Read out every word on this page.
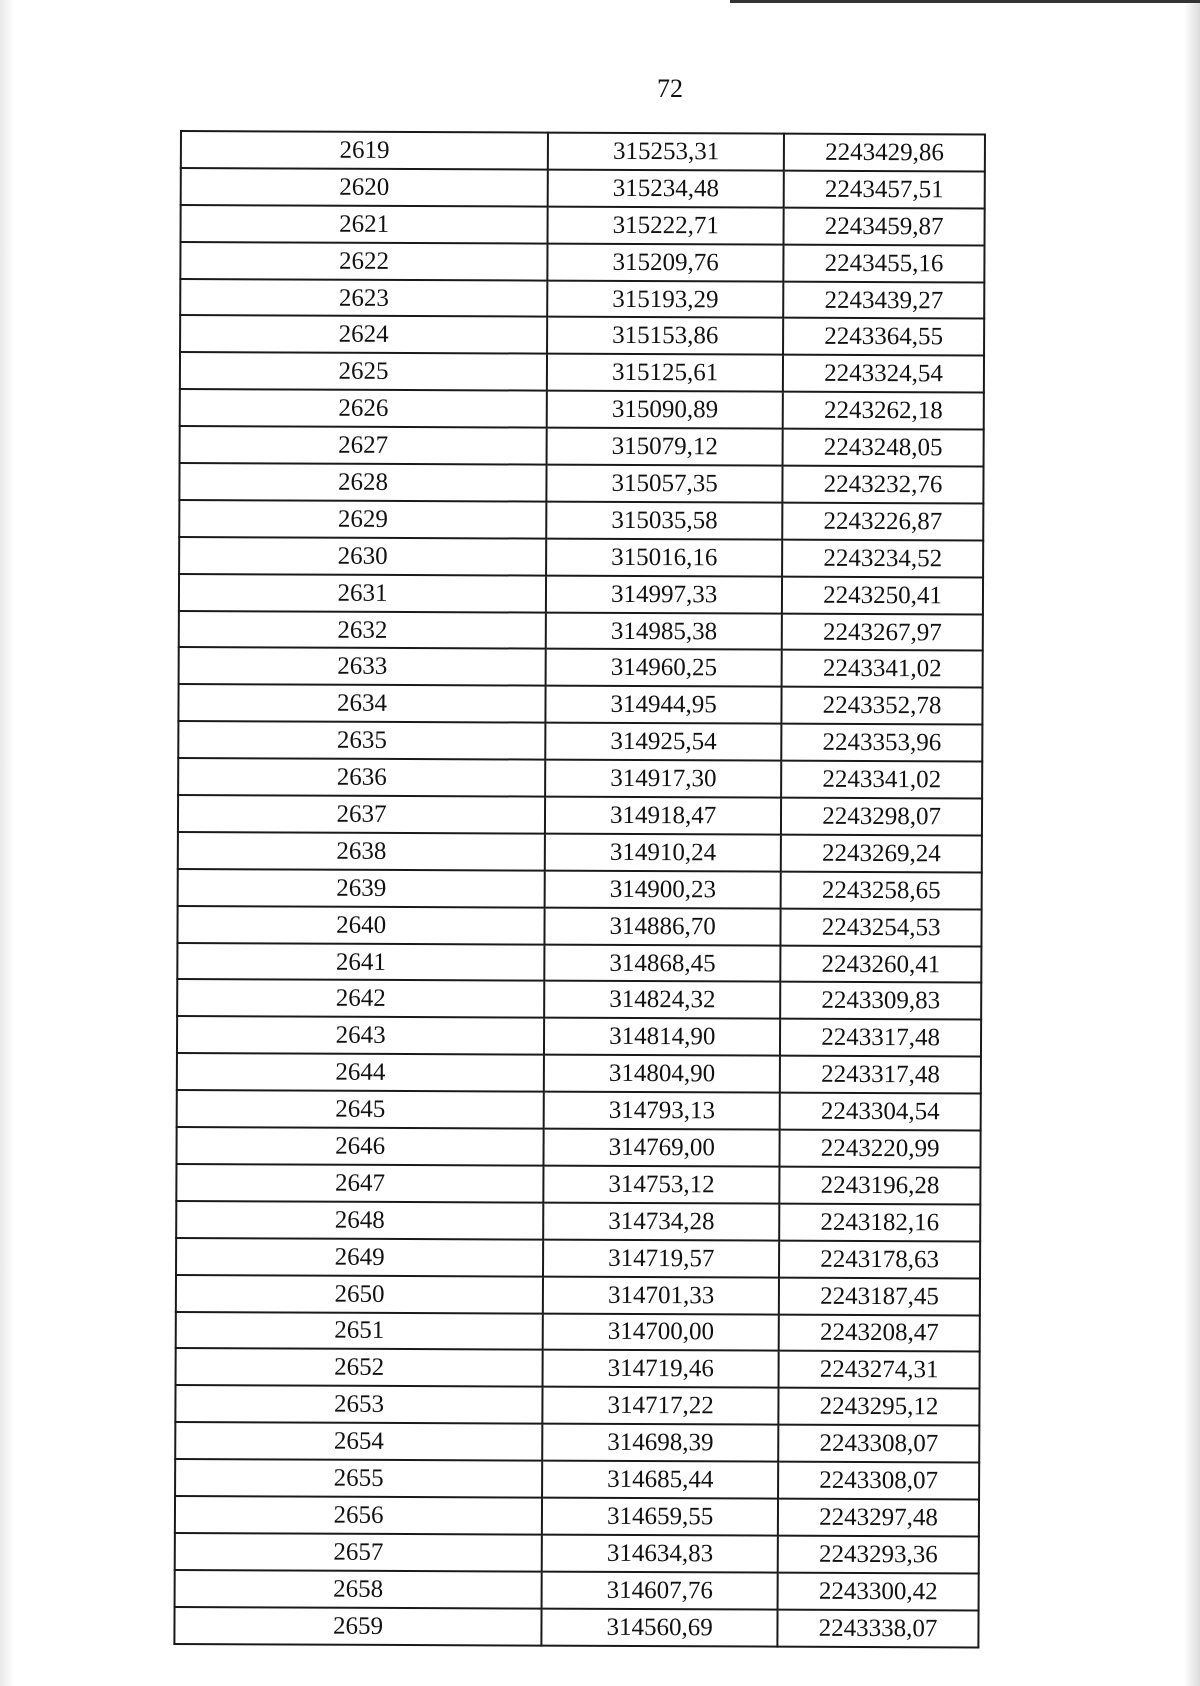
72
2619	315253,31	2243429,86
2620	315234,48	2243457,51
2621	315222,71	2243459,87
2622	315209,76	2243455,16
2623	315193,29	2243439,27
2624	315153,86	2243364,55
2625	315125,61	2243324,54
2626	315090,89	2243262,18
2627	315079,12	2243248,05
2628	315057,35	2243232,76
2629	315035,58	2243226,87
2630	315016,16	2243234,52
2631	314997,33	2243250,41
2632	314985,38	2243267,97
2633	314960,25	2243341,02
2634	314944,95	2243352,78
2635	314925,54	2243353,96
2636	314917,30	2243341,02
2637	314918,47	2243298,07
2638	314910,24	2243269,24
2639	314900,23	2243258,65
2640	314886,70	2243254,53
2641	314868,45	2243260,41
2642	314824,32	2243309,83
2643	314814,90	2243317,48
2644	314804,90	2243317,48
2645	314793,13	2243304,54
2646	314769,00	2243220,99
2647	314753,12	2243196,28
2648	314734,28	2243182,16
2649	314719,57	2243178,63
2650	314701,33	2243187,45
2651	314700,00	2243208,47
2652	314719,46	2243274,31
2653	314717,22	2243295,12
2654	314698,39	2243308,07
2655	314685,44	2243308,07
2656	314659,55	2243297,48
2657	314634,83	2243293,36
2658	314607,76	2243300,42
2659	314560,69	2243338,07
